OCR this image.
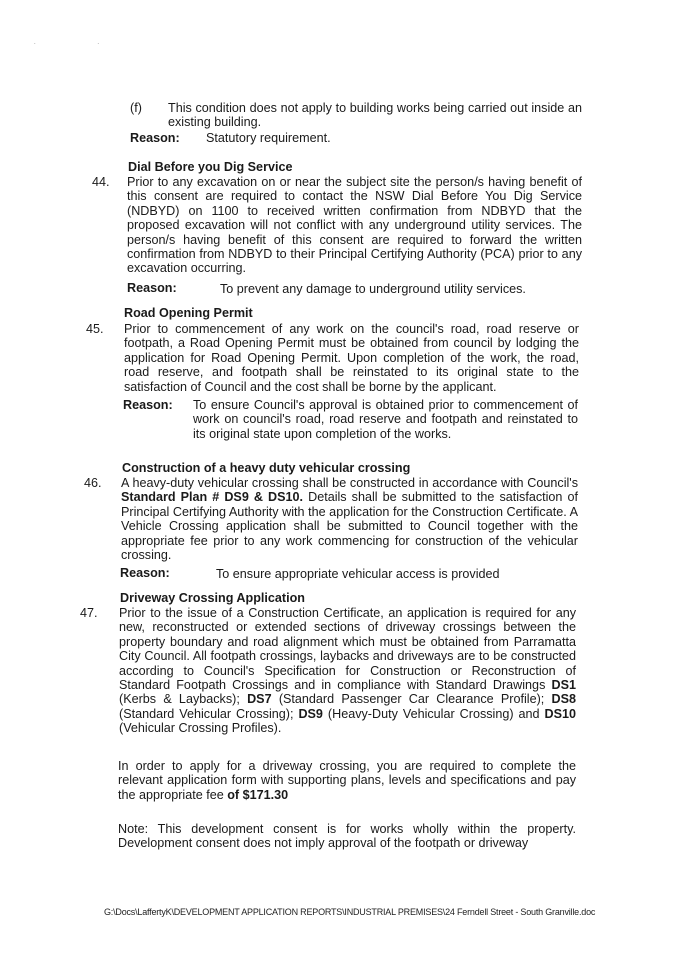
. .
(f) This condition does not apply to building works being carried out inside an existing building.
Reason: Statutory requirement.
Dial Before you Dig Service
44. Prior to any excavation on or near the subject site the person/s having benefit of this consent are required to contact the NSW Dial Before You Dig Service (NDBYD) on 1100 to received written confirmation from NDBYD that the proposed excavation will not conflict with any underground utility services. The person/s having benefit of this consent are required to forward the written confirmation from NDBYD to their Principal Certifying Authority (PCA) prior to any excavation occurring.
Reason:	To prevent any damage to underground utility services.
Road Opening Permit
45. Prior to commencement of any work on the council's road, road reserve or footpath, a Road Opening Permit must be obtained from council by lodging the application for Road Opening Permit. Upon completion of the work, the road, road reserve, and footpath shall be reinstated to its original state to the satisfaction of Council and the cost shall be borne by the applicant.
Reason: To ensure Council's approval is obtained prior to commencement of work on council's road, road reserve and footpath and reinstated to its original state upon completion of the works.
Construction of a heavy duty vehicular crossing
46. A heavy-duty vehicular crossing shall be constructed in accordance with Council's Standard Plan # DS9 & DS10. Details shall be submitted to the satisfaction of Principal Certifying Authority with the application for the Construction Certificate. A Vehicle Crossing application shall be submitted to Council together with the appropriate fee prior to any work commencing for construction of the vehicular crossing.
Reason:	To ensure appropriate vehicular access is provided
Driveway Crossing Application
47. Prior to the issue of a Construction Certificate, an application is required for any new, reconstructed or extended sections of driveway crossings between the property boundary and road alignment which must be obtained from Parramatta City Council. All footpath crossings, laybacks and driveways are to be constructed according to Council's Specification for Construction or Reconstruction of Standard Footpath Crossings and in compliance with Standard Drawings DS1 (Kerbs & Laybacks); DS7 (Standard Passenger Car Clearance Profile); DS8 (Standard Vehicular Crossing); DS9 (Heavy-Duty Vehicular Crossing) and DS10 (Vehicular Crossing Profiles).
In order to apply for a driveway crossing, you are required to complete the relevant application form with supporting plans, levels and specifications and pay the appropriate fee of $171.30
Note: This development consent is for works wholly within the property. Development consent does not imply approval of the footpath or driveway
G:\Docs\LaffertyK\DEVELOPMENT APPLICATION REPORTS\INDUSTRIAL PREMISES\24 Ferndell Street - South Granville.doc
